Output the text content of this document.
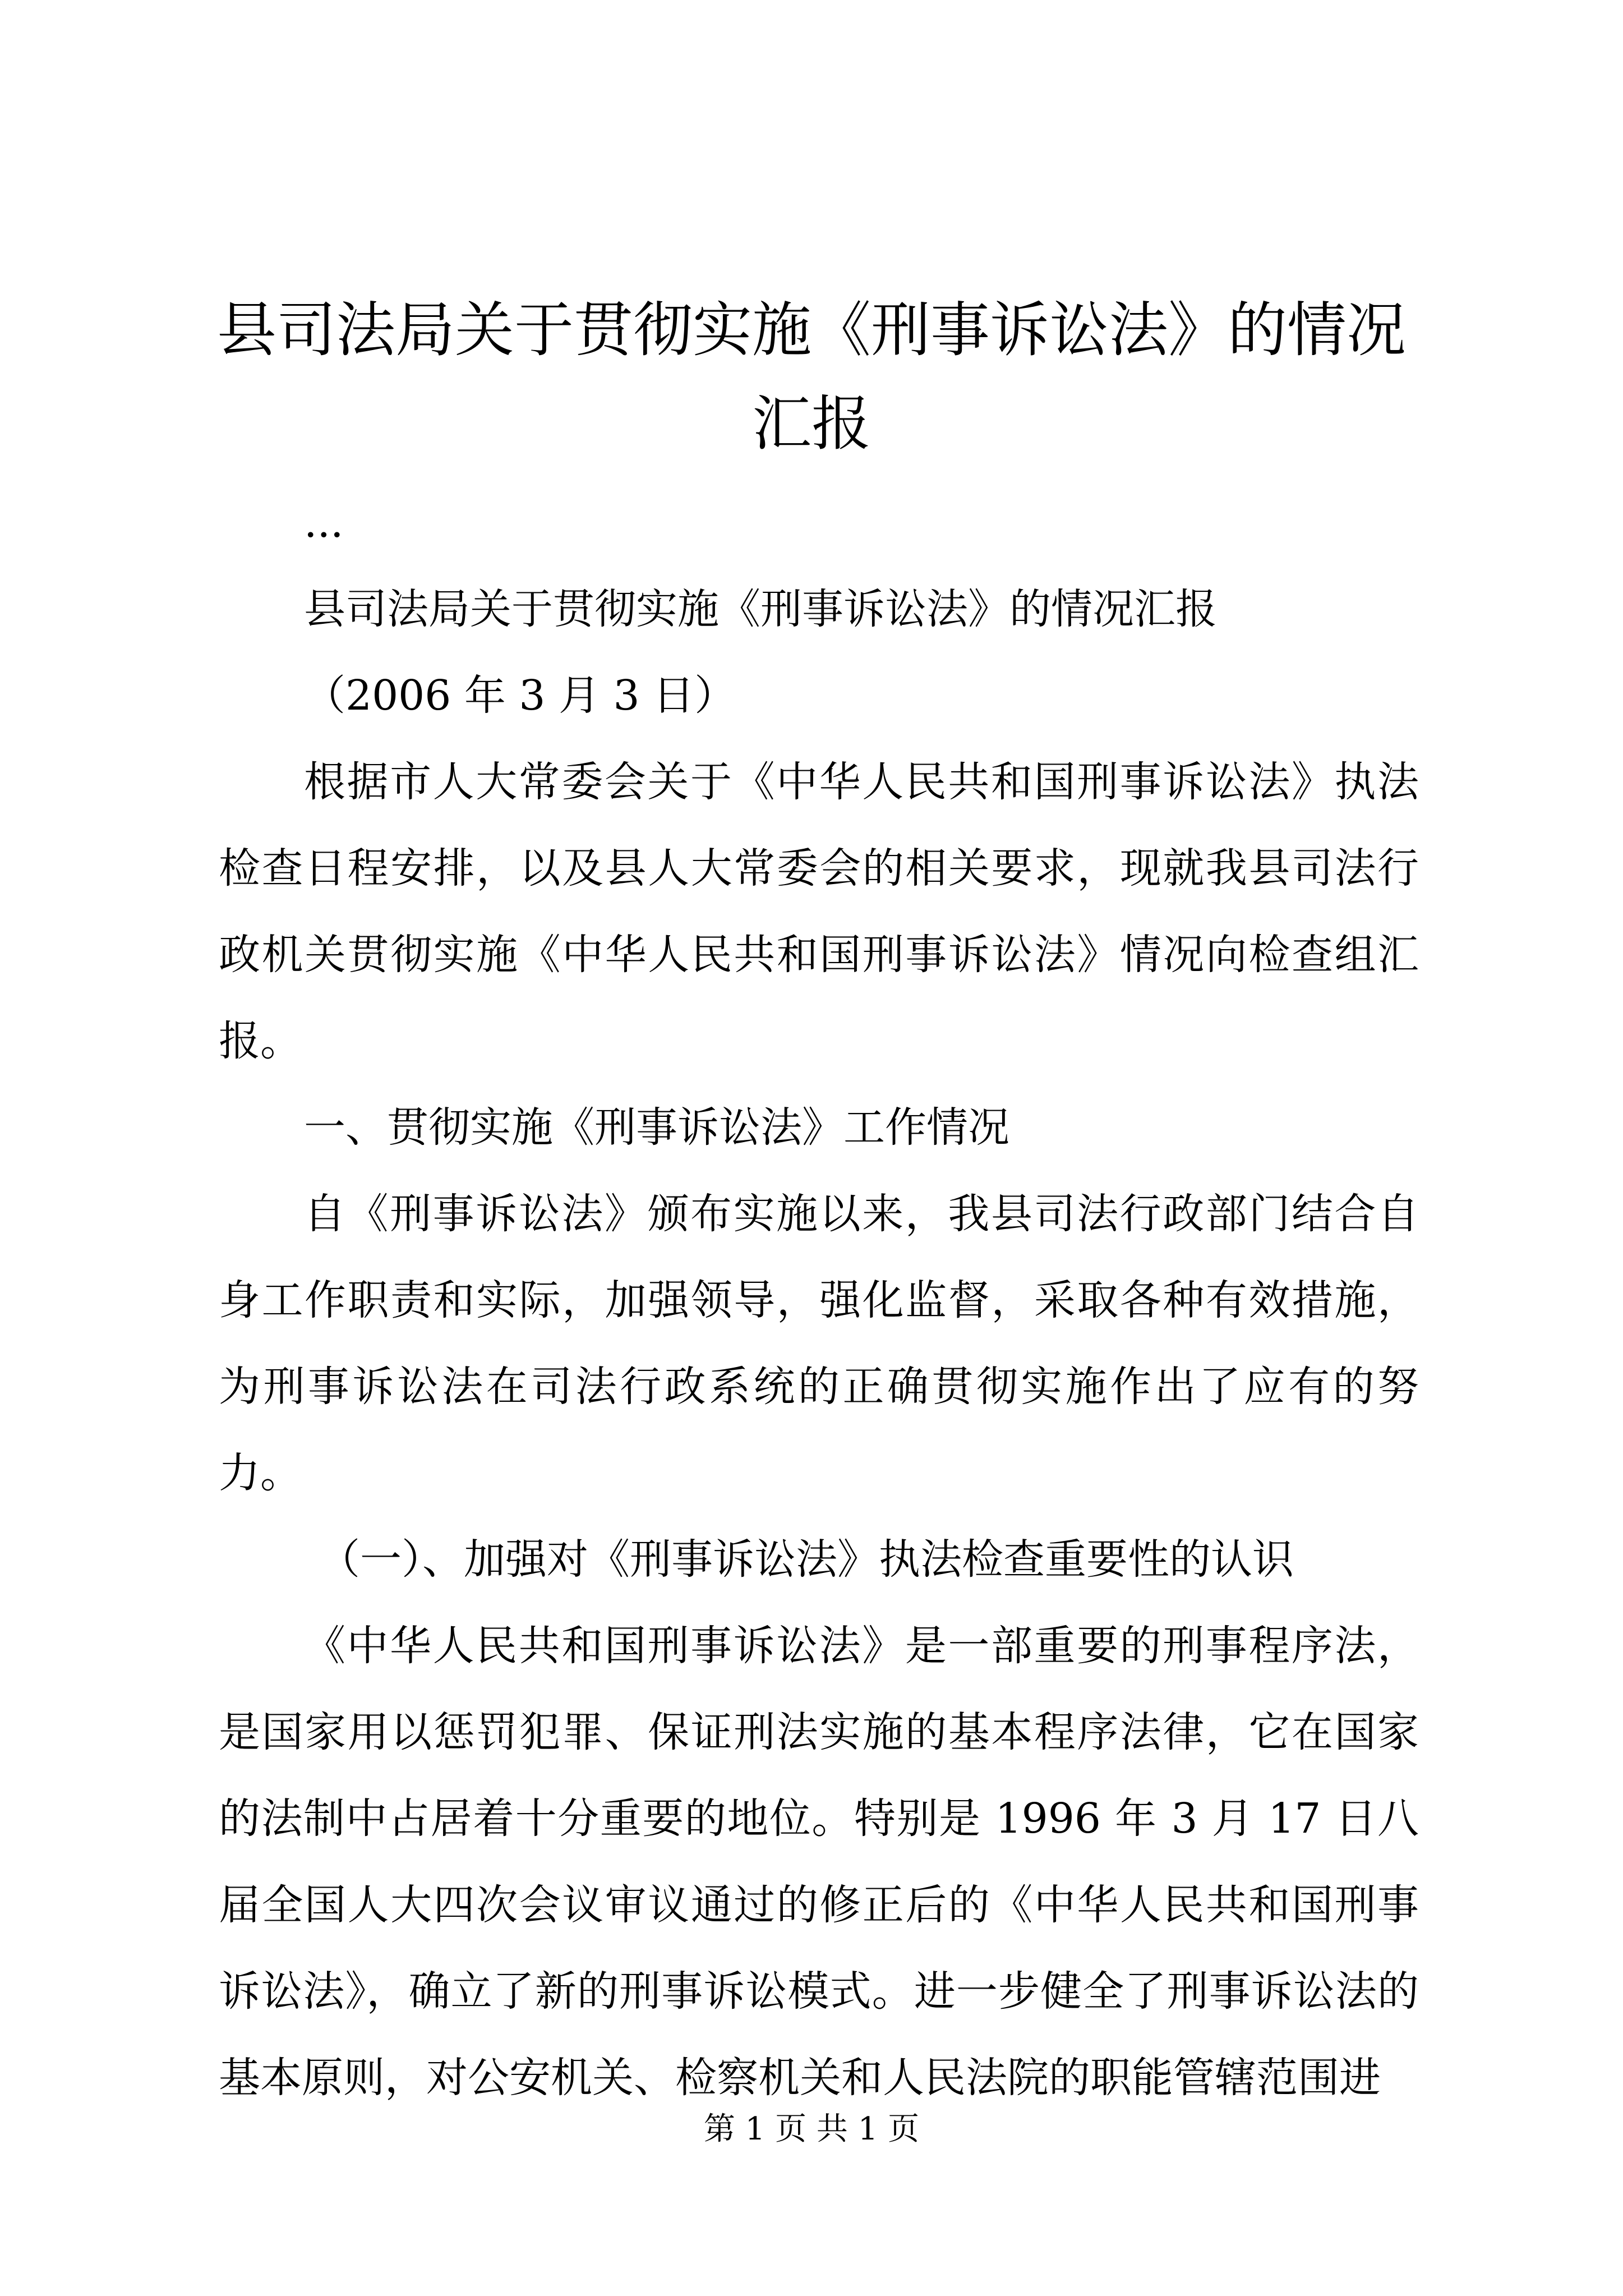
县司法局关于贯彻实施《刑事诉讼法》的情况
汇报

...

县司法局关于贯彻实施《刑事诉讼法》的情况汇报

（2006 年 3 月 3 日）

根据市人大常委会关于《中华人民共和国刑事诉讼法》执法检查日程安排，以及县人大常委会的相关要求，现就我县司法行政机关贯彻实施《中华人民共和国刑事诉讼法》情况向检查组汇报。

一、贯彻实施《刑事诉讼法》工作情况

自《刑事诉讼法》颁布实施以来，我县司法行政部门结合自身工作职责和实际，加强领导，强化监督，采取各种有效措施，为刑事诉讼法在司法行政系统的正确贯彻实施作出了应有的努力。

（一）、加强对《刑事诉讼法》执法检查重要性的认识

《中华人民共和国刑事诉讼法》是一部重要的刑事程序法，是国家用以惩罚犯罪、保证刑法实施的基本程序法律，它在国家的法制中占居着十分重要的地位。特别是 1996 年 3 月 17 日八届全国人大四次会议审议通过的修正后的《中华人民共和国刑事诉讼法》，确立了新的刑事诉讼模式。进一步健全了刑事诉讼法的基本原则，对公安机关、检察机关和人民法院的职能管辖范围进

第 1 页 共 1 页
